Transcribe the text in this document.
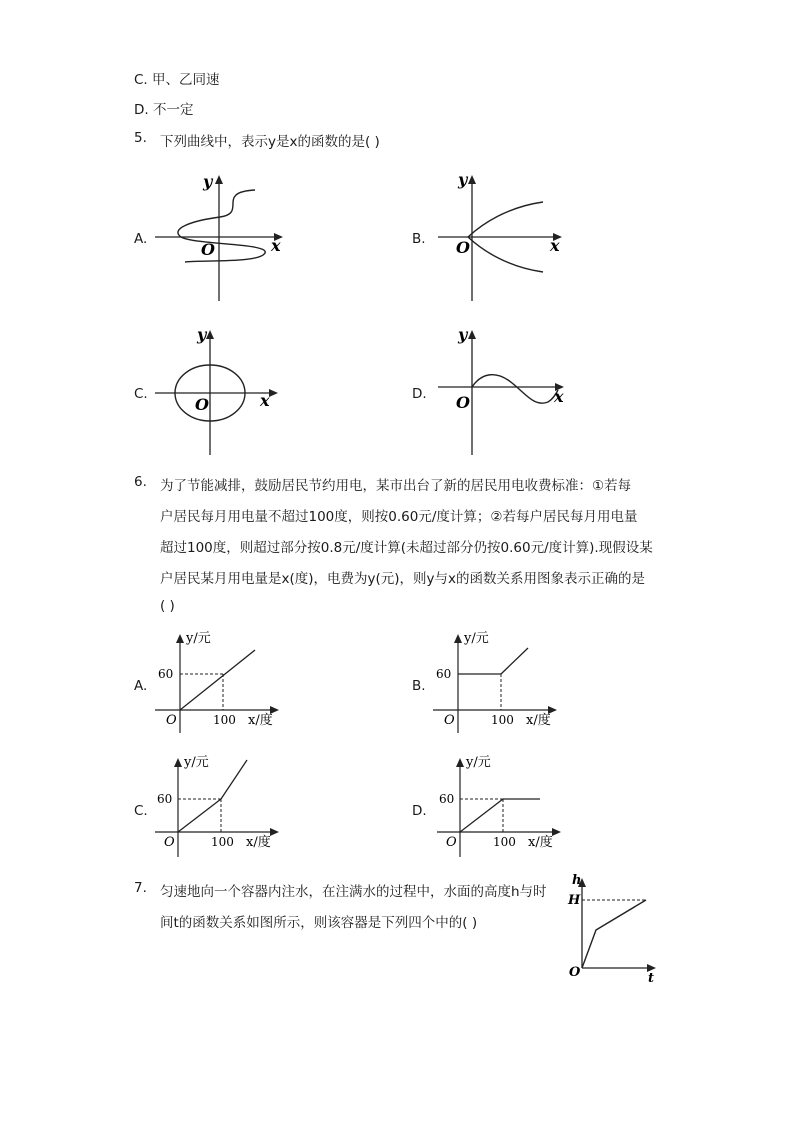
C. 甲、乙同速
D. 不一定
5. 下列曲线中，表示y是x的函数的是( )
A.
y
x
O
B.
y
x
O
C.
y
x
O
D.
y
x
O
6. 为了节能减排，鼓励居民节约用电，某市出台了新的居民用电收费标准：①若每
户居民每月用电量不超过100度，则按0.60元/度计算；②若每户居民每月用电量
超过100度，则超过部分按0.8元/度计算(未超过部分仍按0.60元/度计算).现假设某
户居民某月用电量是x(度)，电费为y(元)，则y与x的函数关系用图象表示正确的是
( )
A.
y/元
60
100 x/度
O
B.
y/元
60
100 x/度
O
C.
y/元
60
100 x/度
O
D.
y/元
60
100 x/度
O
7. 匀速地向一个容器内注水，在注满水的过程中，水面的高度h与时
间t的函数关系如图所示，则该容器是下列四个中的( )
h
H
O	t
